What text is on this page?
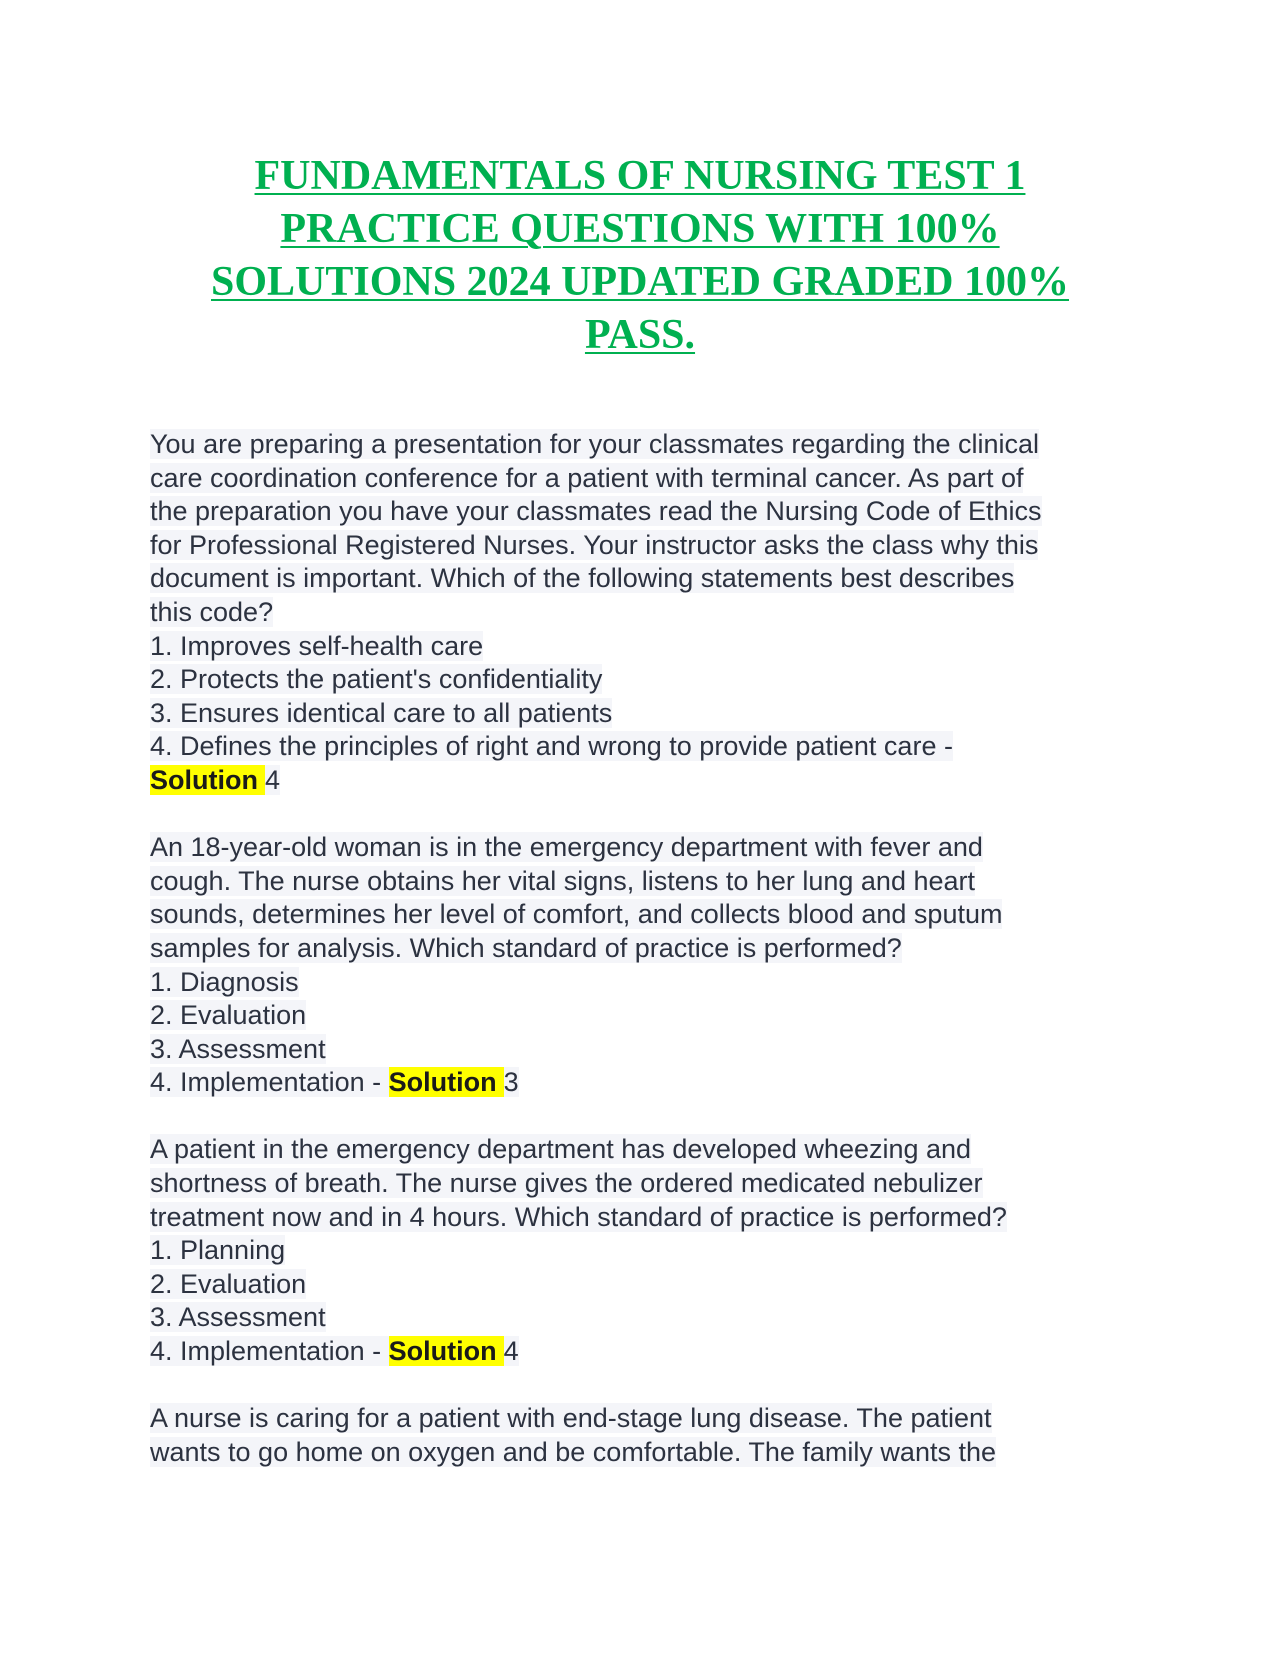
FUNDAMENTALS OF NURSING TEST 1
PRACTICE QUESTIONS WITH 100%
SOLUTIONS 2024 UPDATED GRADED 100%
PASS.
You are preparing a presentation for your classmates regarding the clinical
care coordination conference for a patient with terminal cancer. As part of
the preparation you have your classmates read the Nursing Code of Ethics
for Professional Registered Nurses. Your instructor asks the class why this
document is important. Which of the following statements best describes
this code?
1. Improves self-health care
2. Protects the patient's confidentiality
3. Ensures identical care to all patients
4. Defines the principles of right and wrong to provide patient care -
Solution 4
An 18-year-old woman is in the emergency department with fever and
cough. The nurse obtains her vital signs, listens to her lung and heart
sounds, determines her level of comfort, and collects blood and sputum
samples for analysis. Which standard of practice is performed?
1. Diagnosis
2. Evaluation
3. Assessment
4. Implementation - Solution 3
A patient in the emergency department has developed wheezing and
shortness of breath. The nurse gives the ordered medicated nebulizer
treatment now and in 4 hours. Which standard of practice is performed?
1. Planning
2. Evaluation
3. Assessment
4. Implementation - Solution 4
A nurse is caring for a patient with end-stage lung disease. The patient
wants to go home on oxygen and be comfortable. The family wants the
